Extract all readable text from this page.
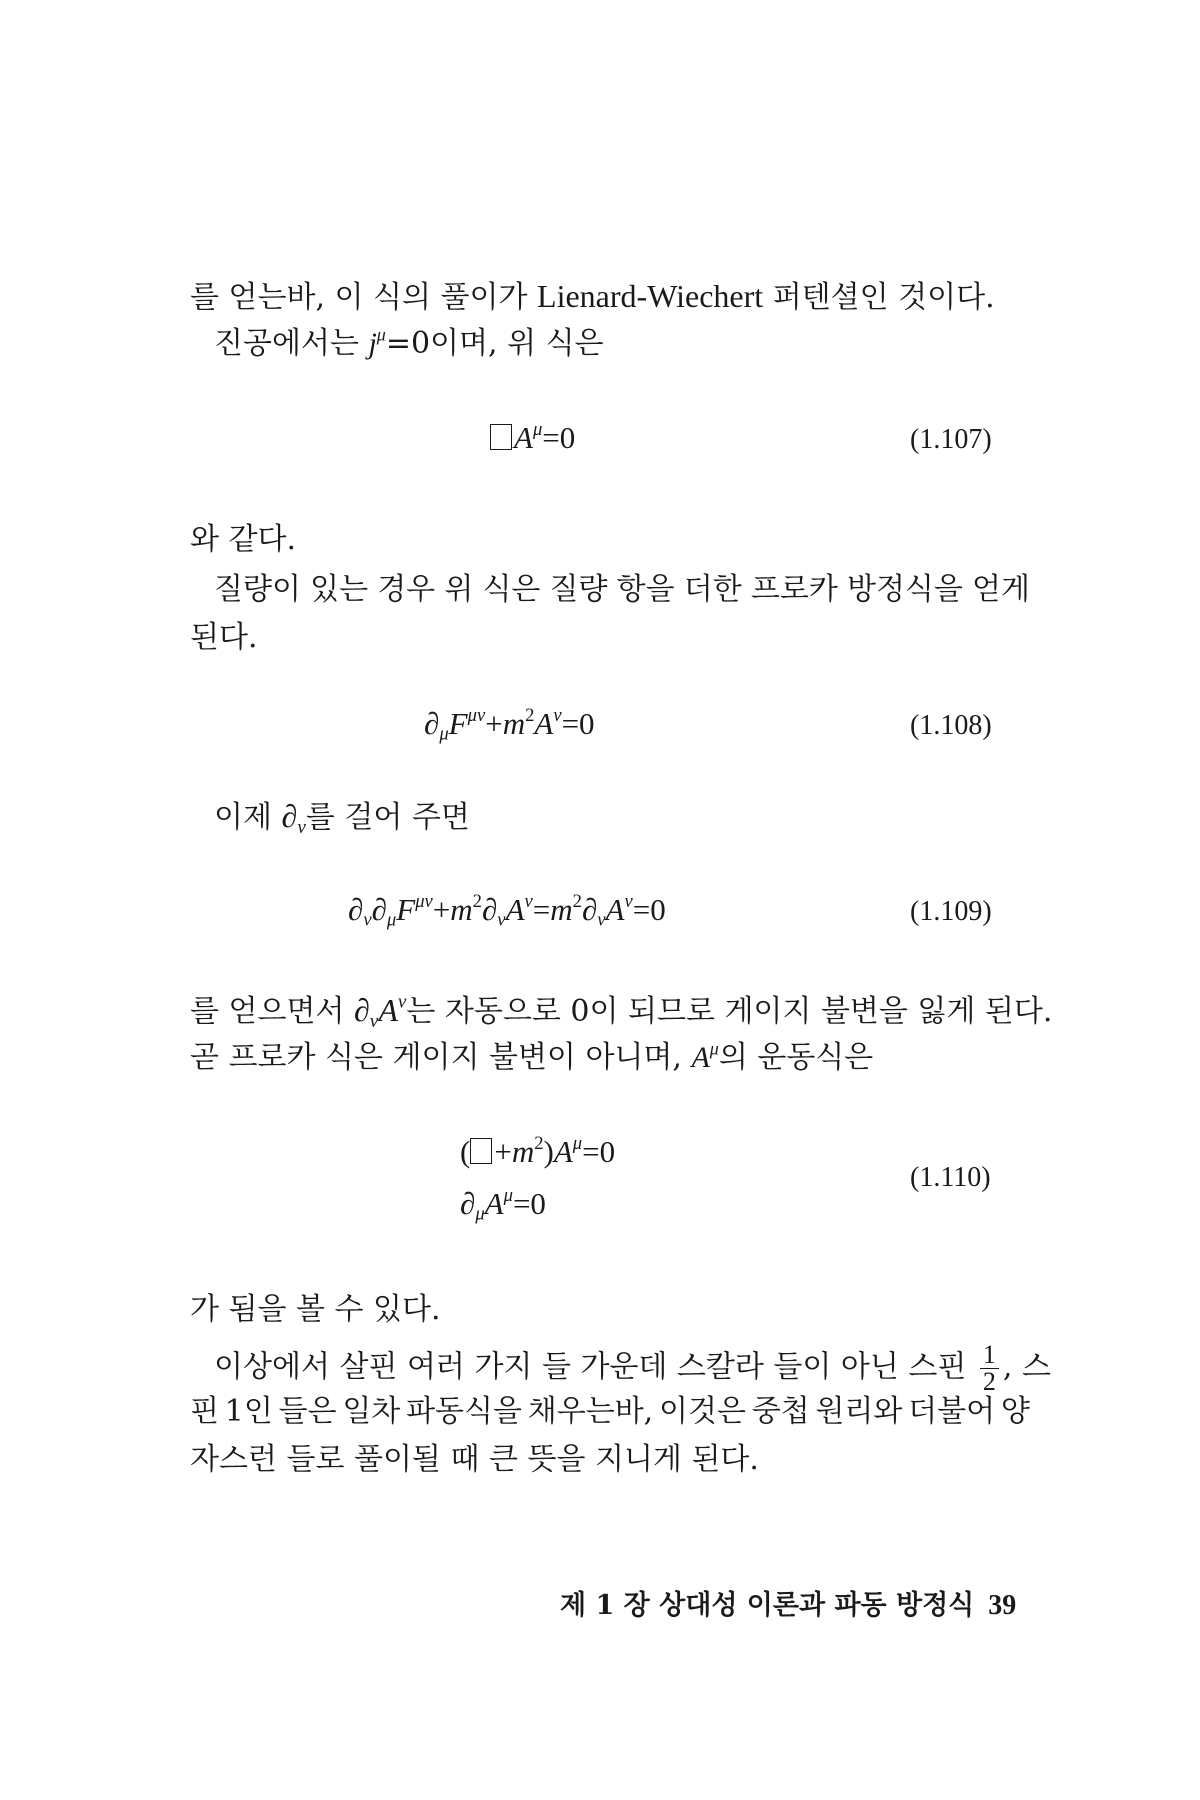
를 얻는바, 이 식의 풀이가 Lienard-Wiechert 퍼텐셜인 것이다.
진공에서는 $j^\mu=0$이며, 위 식은
$A^\mu=0$	(1.107)
와 같다.
질량이 있는 경우 위 식은 질량 항을 더한 프로카 방정식을 얻게
된다.
$\partial_\mu F^{\mu\nu}+m^2A^\nu=0$	(1.108)
이제 $\partial_\nu$를 걸어 주면
$\partial_\nu\partial_\mu F^{\mu\nu}+m^2\partial_\nu A^\nu=m^2\partial_\nu A^\nu=0$	(1.109)
를 얻으면서 $\partial_\nu A^\nu$는 자동으로 0이 되므로 게이지 불변을 잃게 된다.
곧 프로카 식은 게이지 불변이 아니며, $A^\mu$의 운동식은
( $+m^2)A^\mu=0$
$\partial_\mu A^\mu=0$
(1.110)
가 됨을 볼 수 있다.
이상에서 살핀 여러 가지 들 가운데 스칼라 들이 아닌 스핀 $\frac{1}{2}$ , 스
핀 1인 들은 일차 파동식을 채우는바, 이것은 중첩 원리와 더불어 양
자스런 들로 풀이될 때 큰 뜻을 지니게 된다.
제 1 장 상대성 이론과 파동 방정식 39
